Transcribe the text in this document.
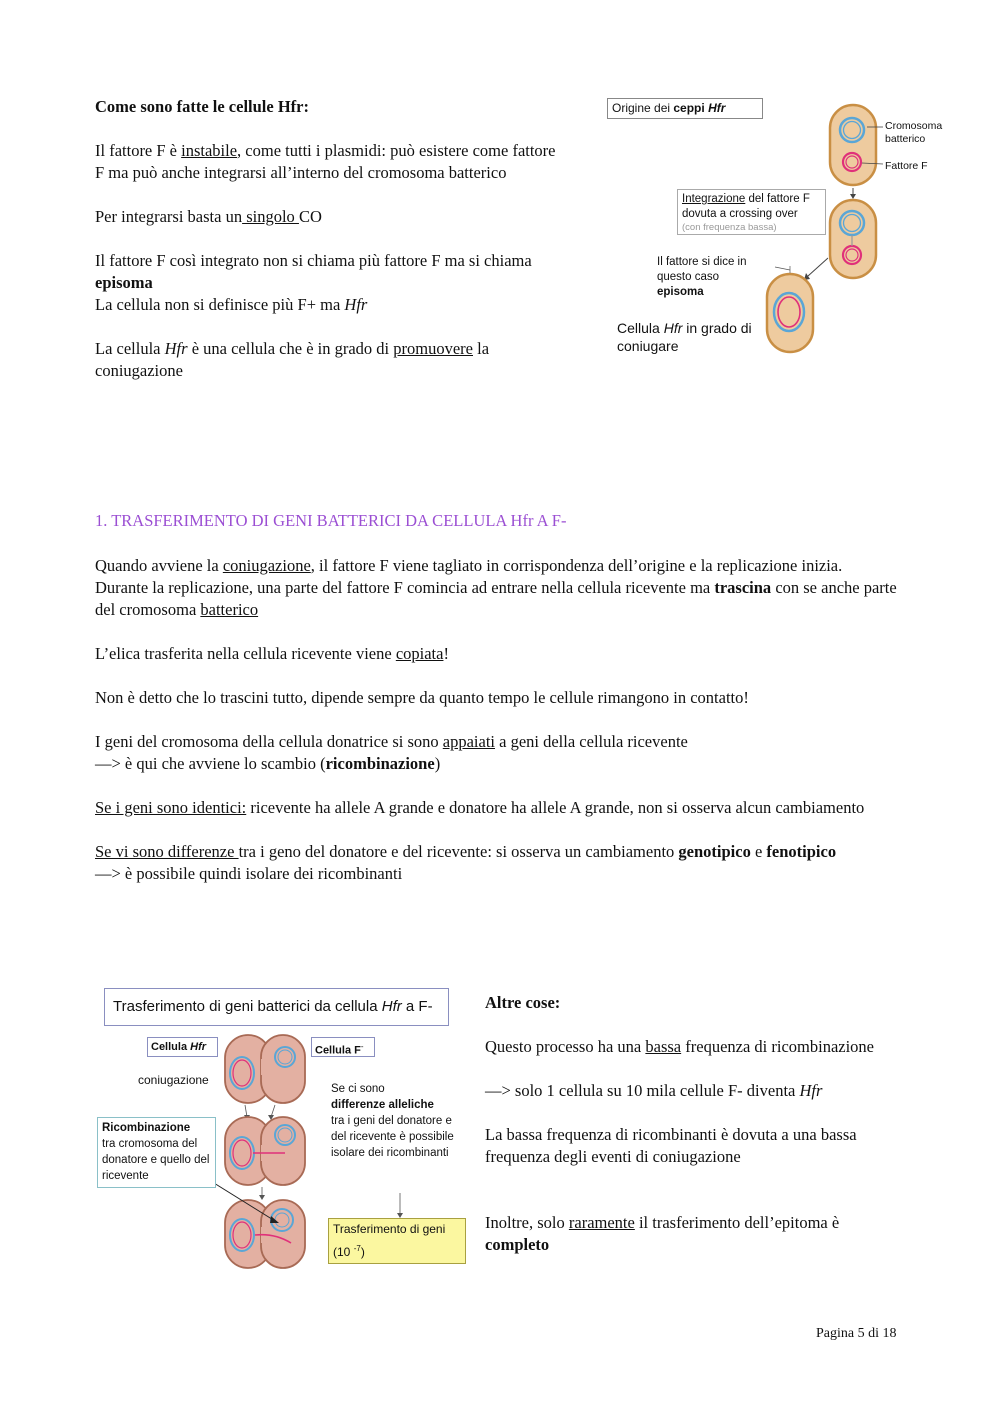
Come sono fatte le cellule Hfr:
Il fattore F è instabile, come tutti i plasmidi: può esistere come fattore F ma può anche integrarsi all’interno del cromosoma batterico
Per integrarsi basta un singolo CO
Il fattore F così integrato non si chiama più fattore F ma si chiama episoma
La cellula non si definisce più F+ ma Hfr
La cellula Hfr è una cellula che è in grado di promuovere la coniugazione
Origine dei ceppi Hfr
Cromosoma batterico
Fattore F
Integrazione del fattore F dovuta a crossing over
(con frequenza bassa)
Il fattore si dice in questo caso
episoma
Cellula Hfr in grado di coniugare
1. TRASFERIMENTO DI GENI BATTERICI DA CELLULA Hfr A F-
Quando avviene la coniugazione, il fattore F viene tagliato in corrispondenza dell’origine e la replicazione inizia.
Durante la replicazione, una parte del fattore F comincia ad entrare nella cellula ricevente ma trascina con se anche parte del cromosoma batterico
L’elica trasferita nella cellula ricevente viene copiata!
Non è detto che lo trascini tutto, dipende sempre da quanto tempo le cellule rimangono in contatto!
I geni del cromosoma della cellula donatrice si sono appaiati a geni della cellula ricevente
—> è qui che avviene lo scambio (ricombinazione)
Se i geni sono identici: ricevente ha allele A grande e donatore ha allele A grande, non si osserva alcun cambiamento
Se vi sono differenze tra i geno del donatore e del ricevente: si osserva un cambiamento genotipico e fenotipico
—> è possibile quindi isolare dei ricombinanti
Trasferimento di geni batterici da cellula Hfr a F-
Cellula Hfr	Cellula F-
coniugazione
Ricombinazione
tra cromosoma del donatore e quello del ricevente
Se ci sono
differenze alleliche
tra i geni del donatore e del ricevente è possibile isolare dei ricombinanti
Trasferimento di geni
(10 $^{-7}$)
Altre cose:
Questo processo ha una bassa frequenza di ricombinazione
—> solo 1 cellula su 10 mila cellule F- diventa Hfr
La bassa frequenza di ricombinanti è dovuta a una bassa frequenza degli eventi di coniugazione
Inoltre, solo raramente il trasferimento dell’epitoma è completo
Pagina 5 di 18
